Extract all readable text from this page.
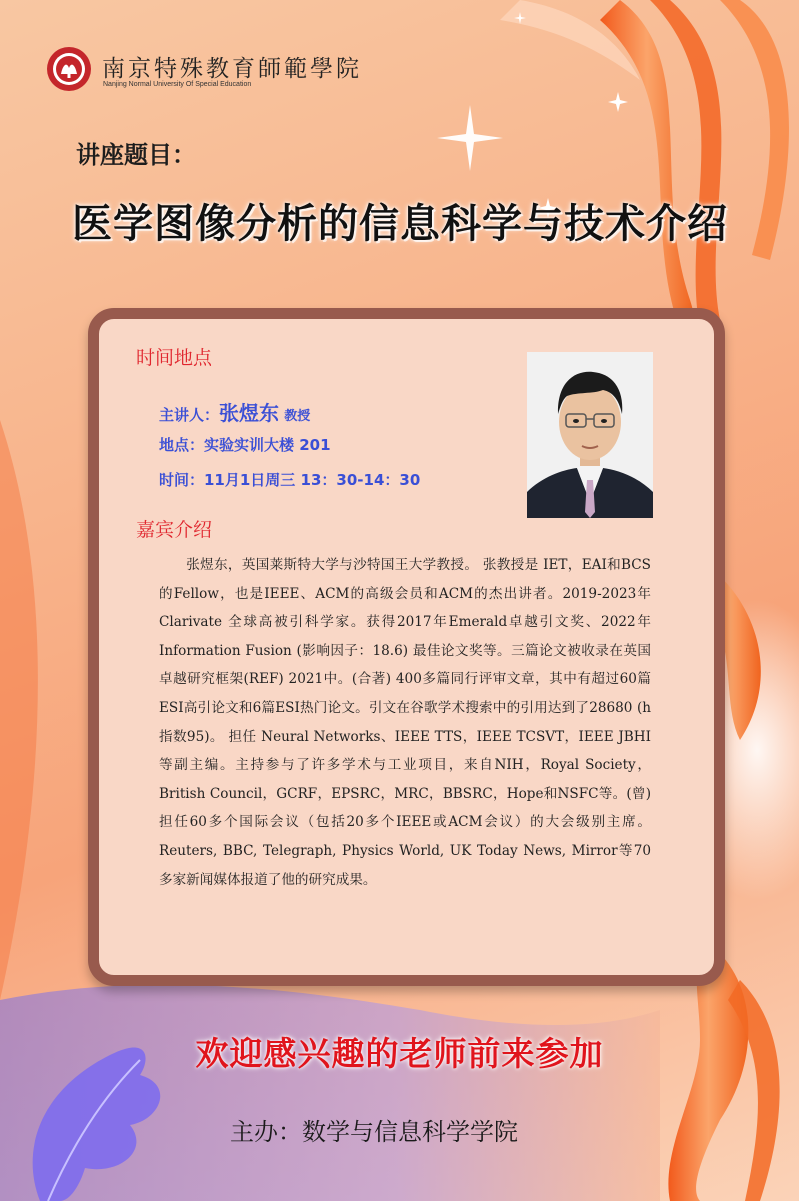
南京特殊教育師範學院
Nanjing Normal University Of Special Education
讲座题目：
医学图像分析的信息科学与技术介绍
时间地点
主讲人：张煜东 教授
地点：实验实训大楼 201
时间：11月1日周三 13：30-14：30
嘉宾介绍

张煜东，英国莱斯特大学与沙特国王大学教授。 张教授是 IET，EAI和BCS的Fellow，也是IEEE、ACM的高级会员和ACM的杰出讲者。2019-2023年Clarivate 全球高被引科学家。获得2017年Emerald卓越引文奖、2022年Information Fusion (影响因子：18.6) 最佳论文奖等。三篇论文被收录在英国卓越研究框架(REF) 2021中。(合著) 400多篇同行评审文章，其中有超过60篇ESI高引论文和6篇ESI热门论文。引文在谷歌学术搜索中的引用达到了28680 (h指数95)。 担任 Neural Networks、IEEE TTS，IEEE TCSVT，IEEE JBHI等副主编。主持参与了许多学术与工业项目，来自NIH，Royal Society，British Council，GCRF，EPSRC，MRC，BBSRC，Hope和NSFC等。(曾)担任60多个国际会议（包括20多个IEEE或ACM会议）的大会级别主席。Reuters, BBC, Telegraph, Physics World, UK Today News, Mirror等70多家新闻媒体报道了他的研究成果。

欢迎感兴趣的老师前来参加
主办：数学与信息科学学院
